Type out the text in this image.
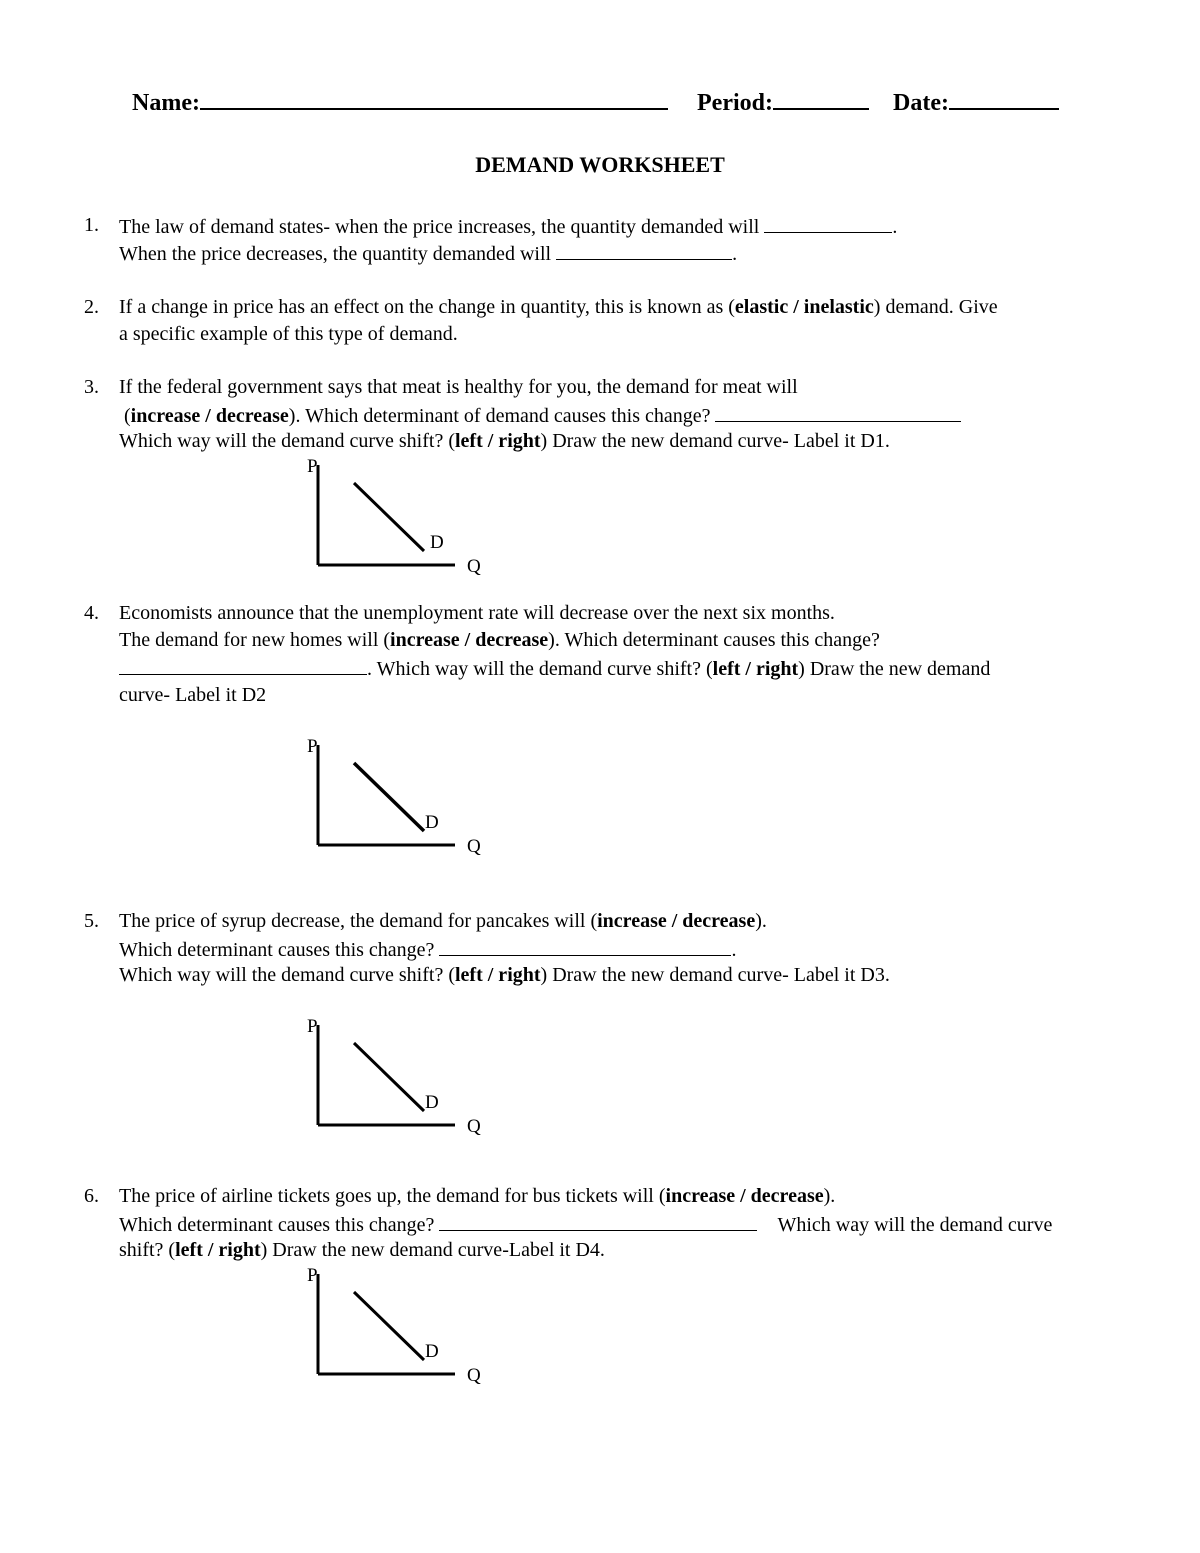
Name:	Period:	Date:
DEMAND WORKSHEET
1. The law of demand states- when the price increases, the quantity demanded will	.
When the price decreases, the quantity demanded will	.
2. If a change in price has an effect on the change in quantity, this is known as (elastic / inelastic) demand. Give
a specific example of this type of demand.
3. If the federal government says that meat is healthy for you, the demand for meat will
(increase / decrease). Which determinant of demand causes this change?
Which way will the demand curve shift? (left / right) Draw the new demand curve- Label it D1.
4. Economists announce that the unemployment rate will decrease over the next six months.
The demand for new homes will (increase / decrease). Which determinant causes this change?
. Which way will the demand curve shift? (left / right) Draw the new demand
curve- Label it D2
5. The price of syrup decrease, the demand for pancakes will (increase / decrease).
Which determinant causes this change?	.
Which way will the demand curve shift? (left / right) Draw the new demand curve- Label it D3.
6. The price of airline tickets goes up, the demand for bus tickets will (increase / decrease).
Which determinant causes this change?	Which way will the demand curve
shift? (left / right) Draw the new demand curve-Label it D4.
P
Q
D
P
Q
D
P
Q
D
P
Q
D
